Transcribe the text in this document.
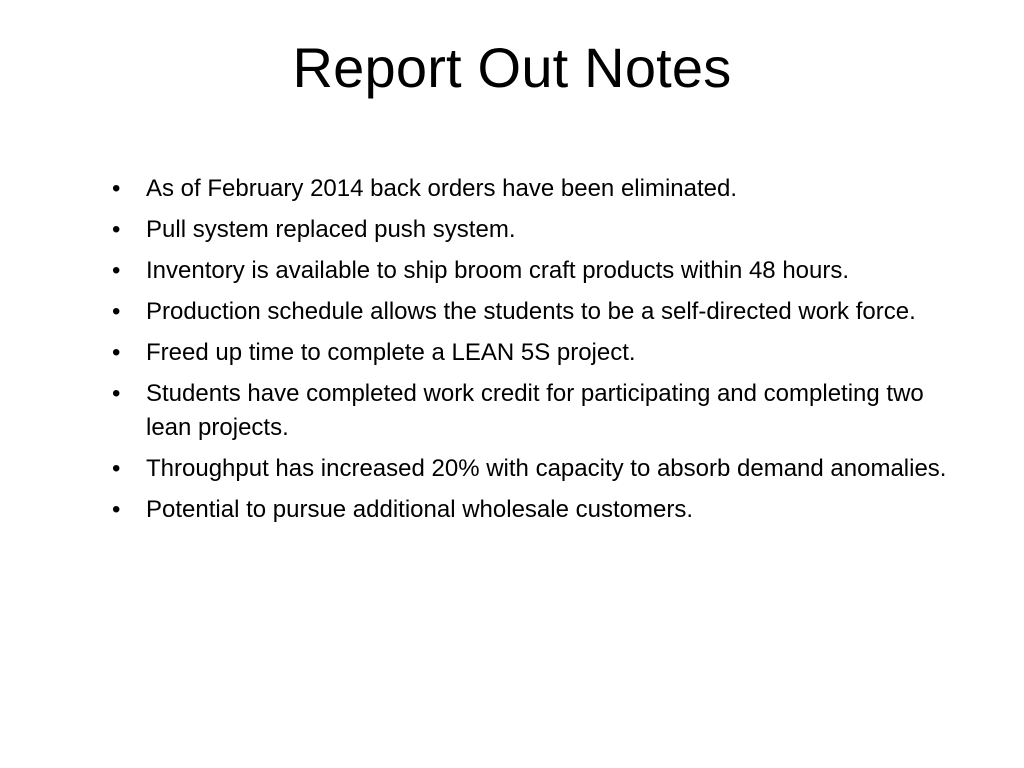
Report Out Notes
•	As of February 2014 back orders have been eliminated.
•	Pull system replaced push system.
•	Inventory is available to ship broom craft products within 48 hours.
•	Production schedule allows the students to be a self-directed work force.
•	Freed up time to complete a LEAN 5S project.
•	Students have completed work credit for participating and completing two lean projects.
•	Throughput has increased 20% with capacity to absorb demand anomalies.
•	Potential to pursue additional wholesale customers.
